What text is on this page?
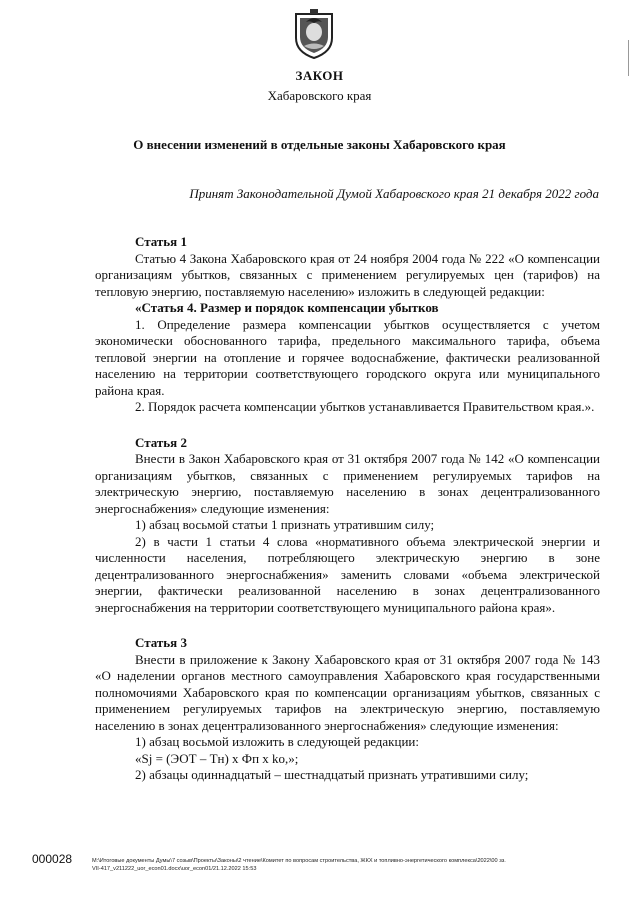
ЗАКОН
Хабаровского края
О внесении изменений в отдельные законы Хабаровского края
Принят Законодательной Думой Хабаровского края 21 декабря 2022 года
Статья 1

Статью 4 Закона Хабаровского края от 24 ноября 2004 года № 222 «О компенсации организациям убытков, связанных с применением регулируемых цен (тарифов) на тепловую энергию, поставляемую населению» изложить в следующей редакции:

«Статья 4. Размер и порядок компенсации убытков

1. Определение размера компенсации убытков осуществляется с учетом экономически обоснованного тарифа, предельного максимального тарифа, объема тепловой энергии на отопление и горячее водоснабжение, фактически реализованной населению на территории соответствующего городского округа или муниципального района края.

2. Порядок расчета компенсации убытков устанавливается Правительством края.».

Статья 2

Внести в Закон Хабаровского края от 31 октября 2007 года № 142 «О компенсации организациям убытков, связанных с применением регулируемых тарифов на электрическую энергию, поставляемую населению в зонах децентрализованного энергоснабжения» следующие изменения:

1) абзац восьмой статьи 1 признать утратившим силу;

2) в части 1 статьи 4 слова «нормативного объема электрической энергии и численности населения, потребляющего электрическую энергию в зоне децентрализованного энергоснабжения» заменить словами «объема электрической энергии, фактически реализованной населению в зонах децентрализованного энергоснабжения на территории соответствующего муниципального района края».

Статья 3

Внести в приложение к Закону Хабаровского края от 31 октября 2007 года № 143 «О наделении органов местного самоуправления Хабаровского края государственными полномочиями Хабаровского края по компенсации организациям убытков, связанных с применением регулируемых тарифов на электрическую энергию, поставляемую населению в зонах децентрализованного энергоснабжения» следующие изменения:

1) абзац восьмой изложить в следующей редакции:

«Sj = (ЭОТ – Тн) х Фп х kо,»;

2) абзацы одиннадцатый – шестнадцатый признать утратившими силу;

000028	M:\Итоговые документы Думы\7 созыв\Проекты\Законы\2 чтение\Комитет по вопросам строительства, ЖКХ и топливно-энергетического комплекса\2022\00 зз.
VII-417_v211222_uor_econ01.docx\uor_econ01/21.12.2022 15:53
